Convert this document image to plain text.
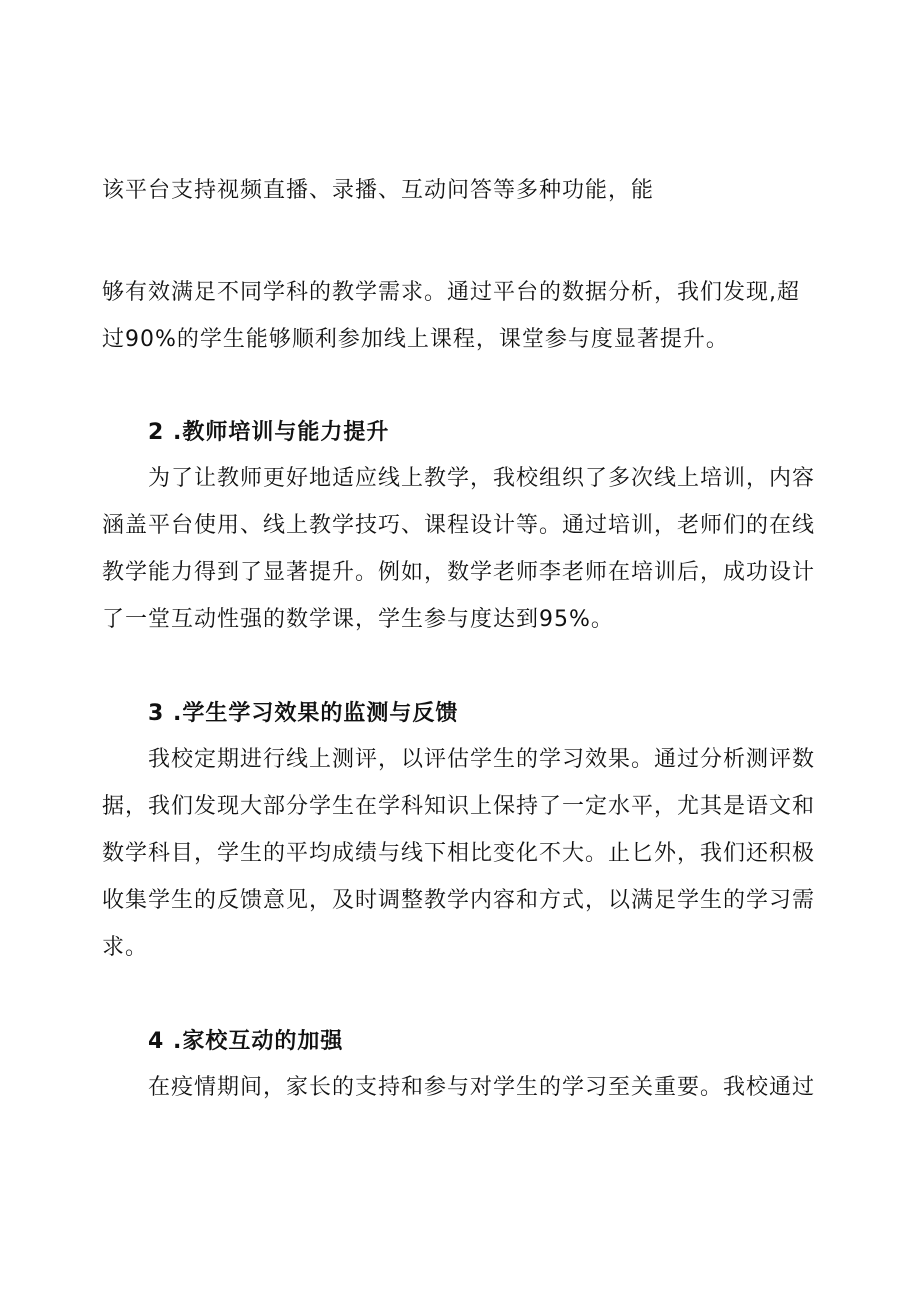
该平台支持视频直播、录播、互动问答等多种功能，能
够有效满足不同学科的教学需求。通过平台的数据分析，我们发现,超
过90%的学生能够顺利参加线上课程，课堂参与度显著提升。
2 .教师培训与能力提升
为了让教师更好地适应线上教学，我校组织了多次线上培训，内容
涵盖平台使用、线上教学技巧、课程设计等。通过培训，老师们的在线
教学能力得到了显著提升。例如，数学老师李老师在培训后，成功设计
了一堂互动性强的数学课，学生参与度达到95%。
3 .学生学习效果的监测与反馈
我校定期进行线上测评，以评估学生的学习效果。通过分析测评数
据，我们发现大部分学生在学科知识上保持了一定水平，尤其是语文和
数学科目，学生的平均成绩与线下相比变化不大。止匕外，我们还积极
收集学生的反馈意见，及时调整教学内容和方式，以满足学生的学习需
求。
4 .家校互动的加强
在疫情期间，家长的支持和参与对学生的学习至关重要。我校通过
